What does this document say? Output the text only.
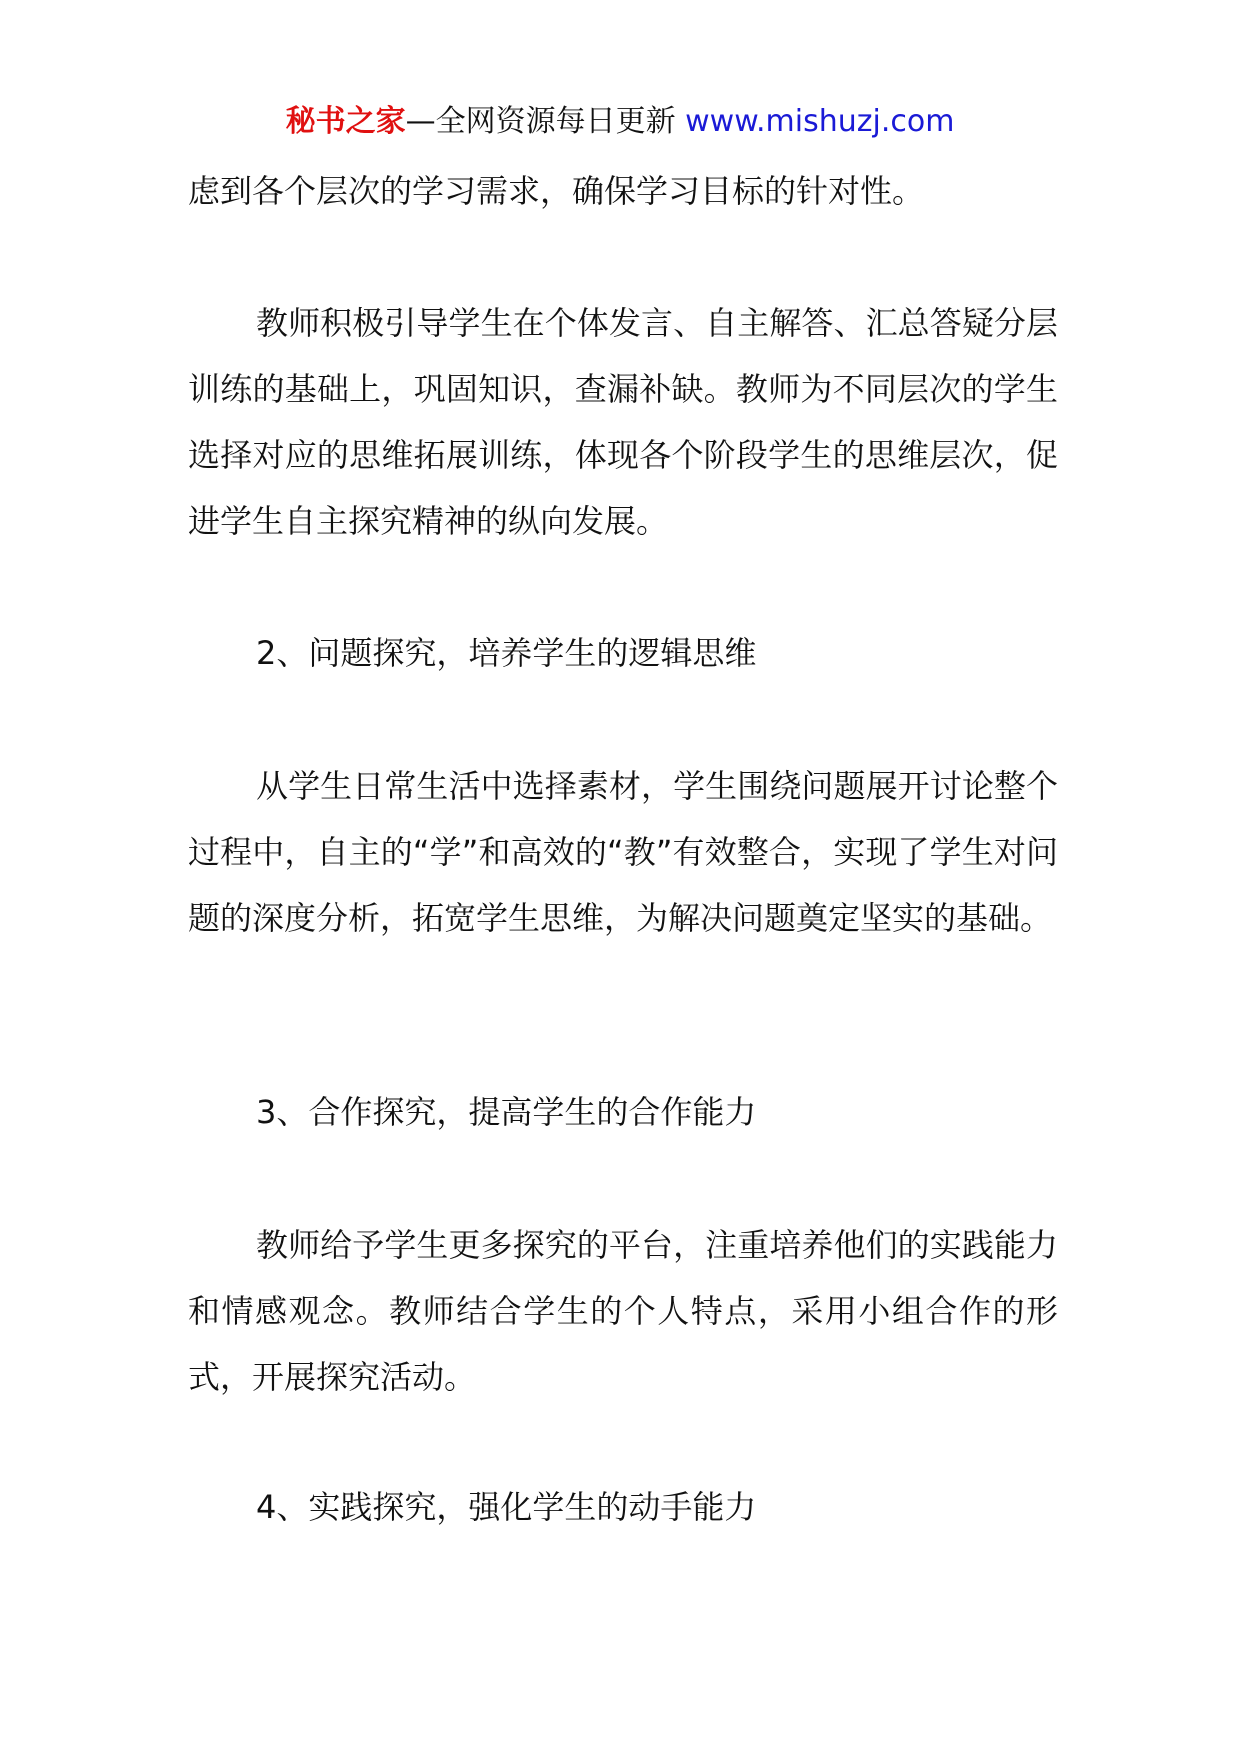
秘书之家—全网资源每日更新 www.mishuzj.com

虑到各个层次的学习需求，确保学习目标的针对性。

教师积极引导学生在个体发言、自主解答、汇总答疑分层训练的基础上，巩固知识，查漏补缺。教师为不同层次的学生选择对应的思维拓展训练，体现各个阶段学生的思维层次，促进学生自主探究精神的纵向发展。

2、问题探究，培养学生的逻辑思维

从学生日常生活中选择素材，学生围绕问题展开讨论整个过程中，自主的“学”和高效的“教”有效整合，实现了学生对问题的深度分析，拓宽学生思维，为解决问题奠定坚实的基础。

3、合作探究，提高学生的合作能力

教师给予学生更多探究的平台，注重培养他们的实践能力和情感观念。教师结合学生的个人特点，采用小组合作的形式，开展探究活动。

4、实践探究，强化学生的动手能力
